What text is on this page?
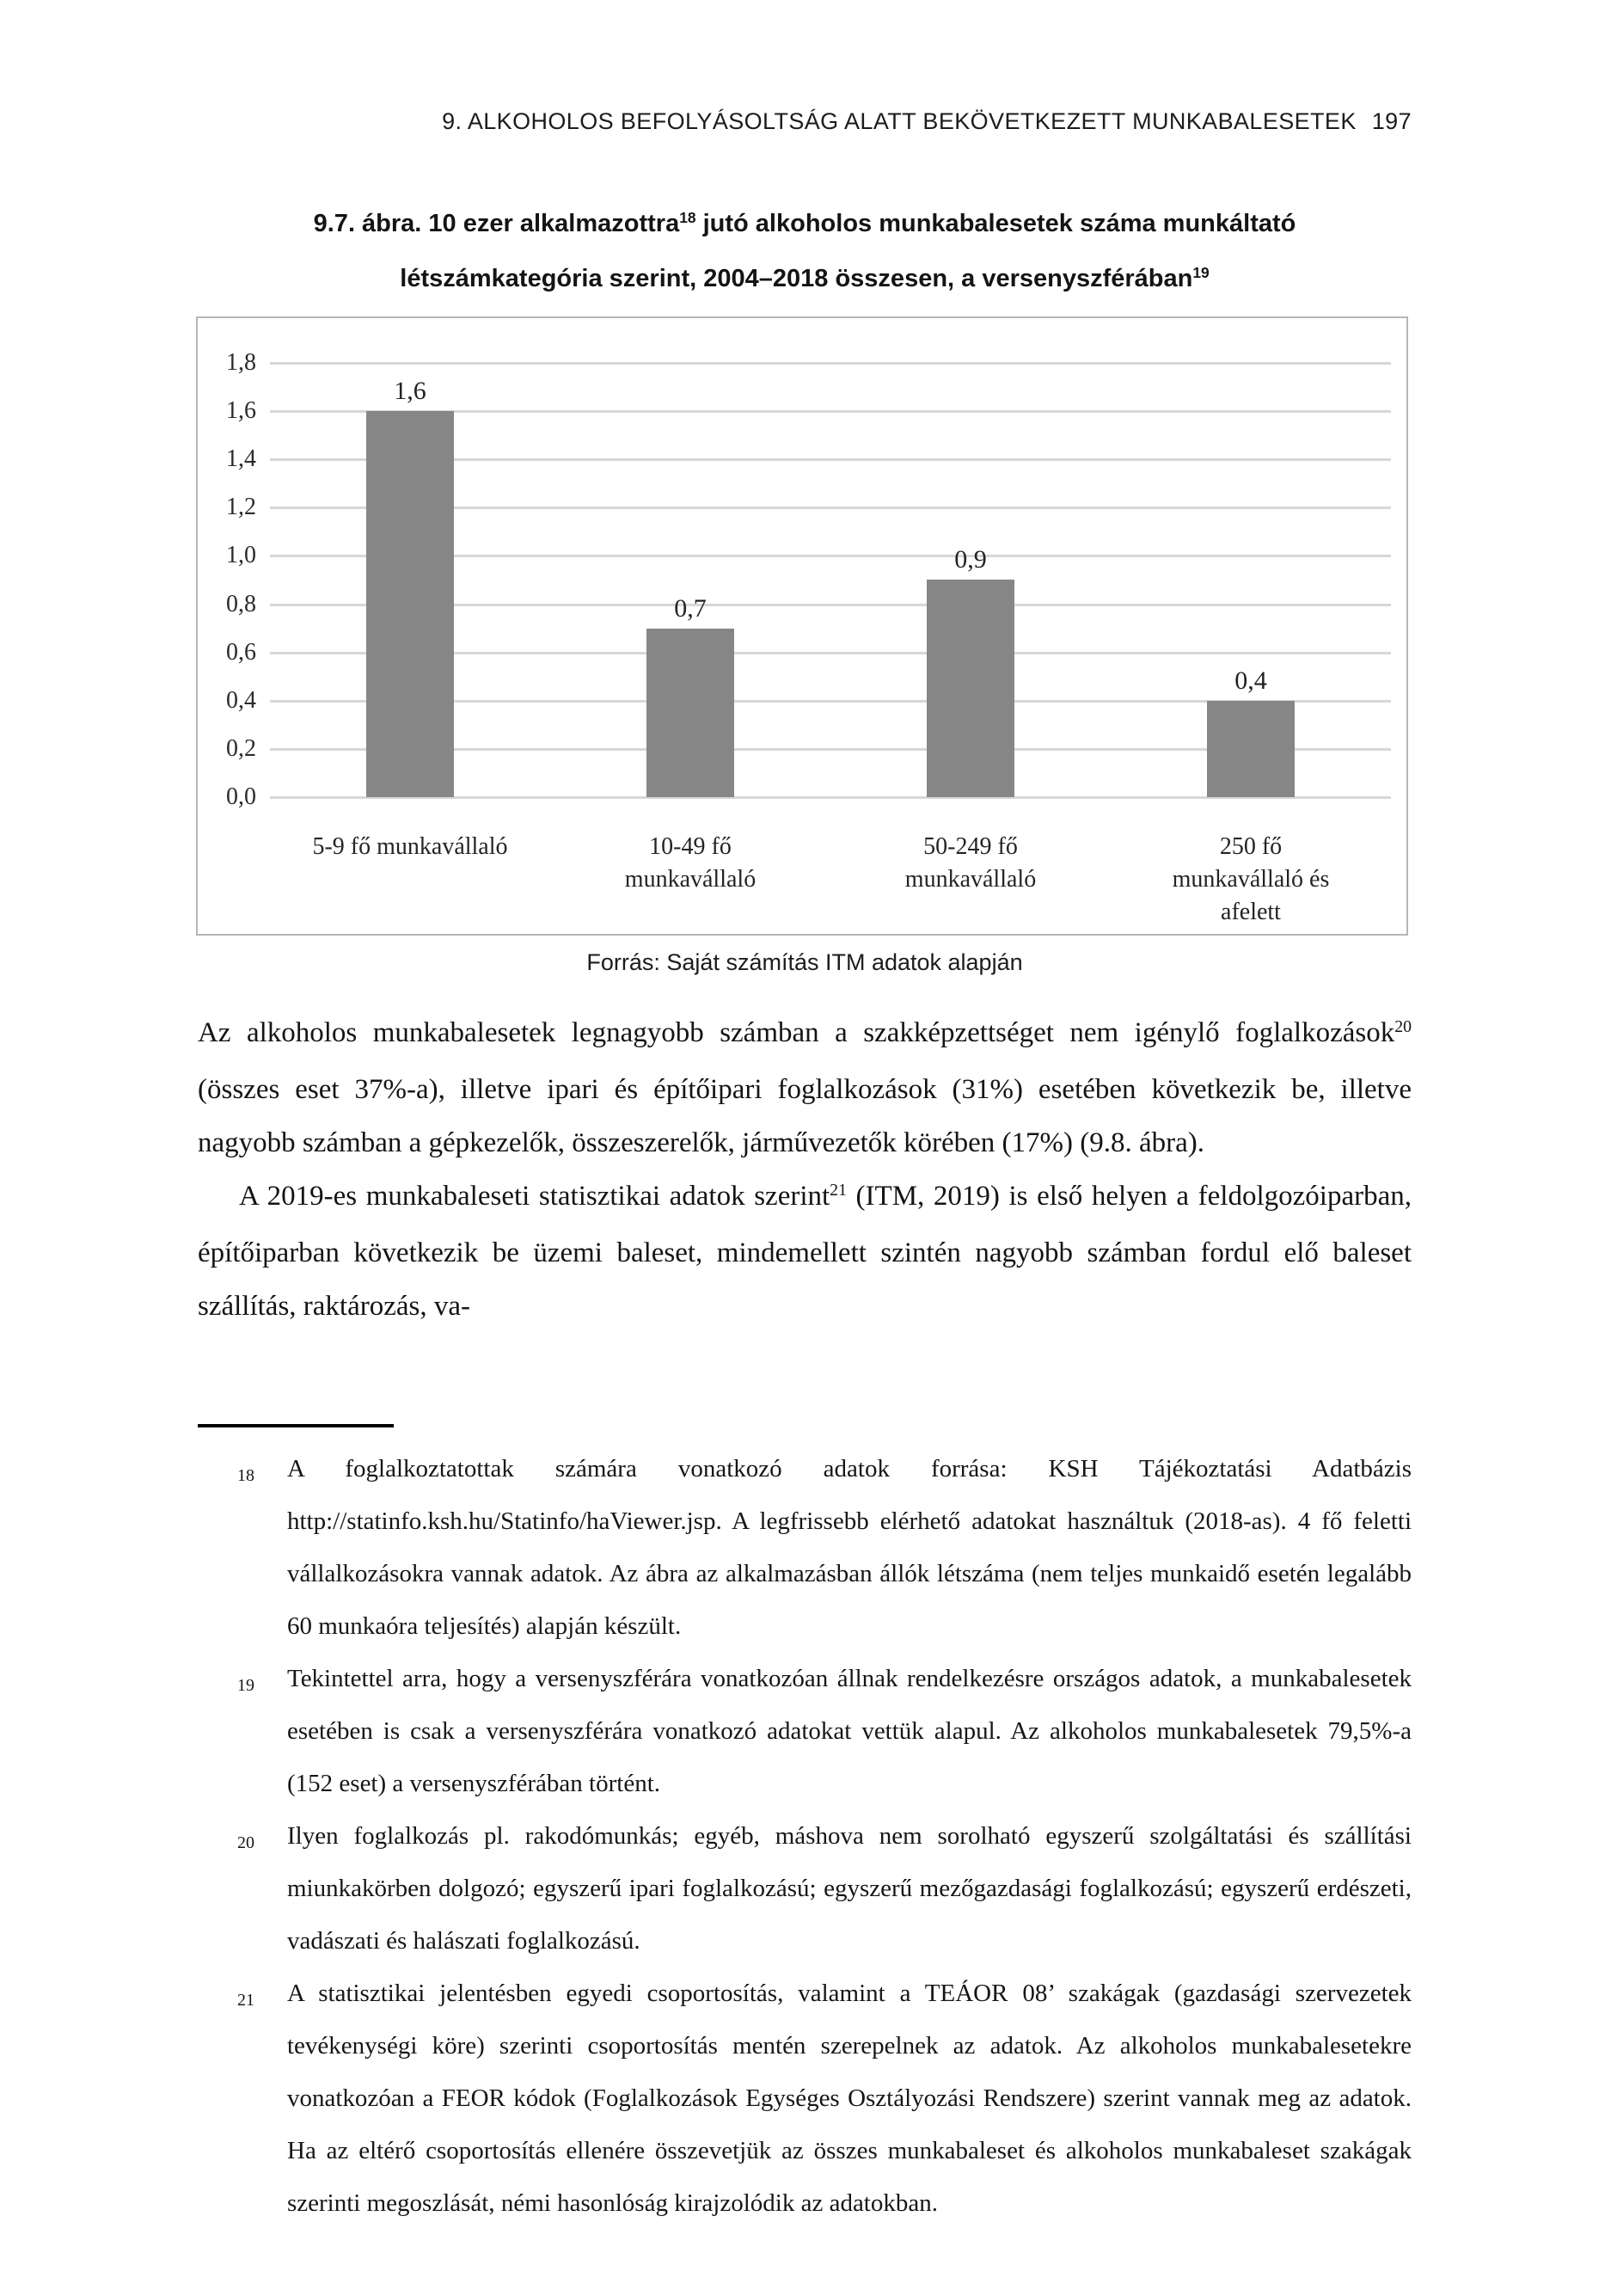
9. ALKOHOLOS BEFOLYÁSOLTSÁG ALATT BEKÖVETKEZETT MUNKABALESETEK 197
9.7. ábra. 10 ezer alkalmazottra$^{18}$ jutó alkoholos munkabalesetek száma munkáltató
létszámkategória szerint, 2004–2018 összesen, a versenyszférában$^{19}$
1,8
1,6
1,4
1,2
1,0
0,8
0,6
0,4
0,2
0,0
1,6
0,7
0,9
0,4
5-9 fő munkavállaló	10-49 fő
munkavállaló
50-249 fő
munkavállaló
250 fő
munkavállaló és
afelett
Forrás: Saját számítás ITM adatok alapján

Az alkoholos munkabalesetek legnagyobb számban a szakképzettséget nem igénylő foglalkozások$^{20}$ (összes eset 37%-a), illetve ipari és építőipari foglalkozások (31%) esetében következik be, illetve nagyobb számban a gépkezelők, összeszerelők, járművezetők körében (17%) (9.8. ábra).

A 2019-es munkabaleseti statisztikai adatok szerint$^{21}$ (ITM, 2019) is első helyen a feldolgozóiparban, építőiparban következik be üzemi baleset, mindemellett szintén nagyobb számban fordul elő baleset szállítás, raktározás, va-

18 A foglalkoztatottak számára vonatkozó adatok forrása: KSH Tájékoztatási Adatbázis http://statinfo.ksh.hu/Statinfo/haViewer.jsp. A legfrissebb elérhető adatokat használtuk (2018-as). 4 fő feletti vállalkozásokra vannak adatok. Az ábra az alkalmazásban állók létszáma (nem teljes munkaidő esetén legalább 60 munkaóra teljesítés) alapján készült.
19 Tekintettel arra, hogy a versenyszférára vonatkozóan állnak rendelkezésre országos adatok, a munkabalesetek esetében is csak a versenyszférára vonatkozó adatokat vettük alapul. Az alkoholos munkabalesetek 79,5%-a (152 eset) a versenyszférában történt.
20 Ilyen foglalkozás pl. rakodómunkás; egyéb, máshova nem sorolható egyszerű szolgáltatási és szállítási miunkakörben dolgozó; egyszerű ipari foglalkozású; egyszerű mezőgazdasági foglalkozású; egyszerű erdészeti, vadászati és halászati foglalkozású.
21 A statisztikai jelentésben egyedi csoportosítás, valamint a TEÁOR 08’ szakágak (gazdasági szervezetek tevékenységi köre) szerinti csoportosítás mentén szerepelnek az adatok. Az alkoholos munkabalesetekre vonatkozóan a FEOR kódok (Foglalkozások Egységes Osztályozási Rendszere) szerint vannak meg az adatok. Ha az eltérő csoportosítás ellenére összevetjük az összes munkabaleset és alkoholos munkabaleset szakágak szerinti megoszlását, némi hasonlóság kirajzolódik az adatokban.
